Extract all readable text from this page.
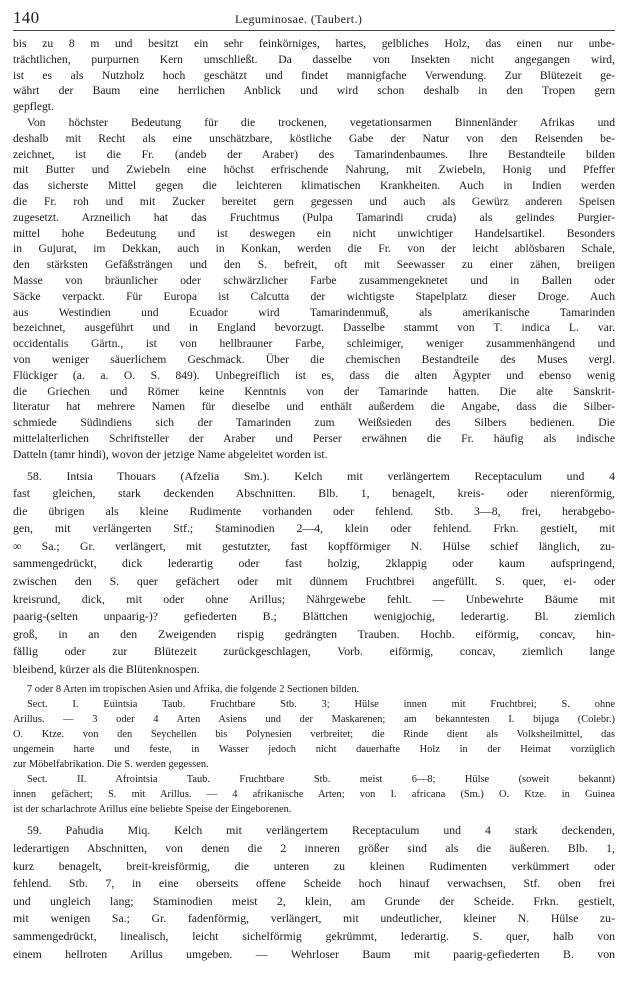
140	Leguminosae. (Taubert.)
bis zu 8 m und besitzt ein sehr feinkörniges, hartes, gelbliches Holz, das einen nur unbe-
trächtlichen, purpurnen Kern umschließt. Da dasselbe von Insekten nicht angegangen wird,
ist es als Nutzholz hoch geschätzt und findet mannigfache Verwendung. Zur Blütezeit ge-
währt der Baum eine herrlichen Anblick und wird schon deshalb in den Tropen gern
gepflegt.
Von höchster Bedeutung für die trockenen, vegetationsarmen Binnenländer Afrikas und
deshalb mit Recht als eine unschätzbare, köstliche Gabe der Natur von den Reisenden be-
zeichnet, ist die Fr. (andeb der Araber) des Tamarindenbaumes. Ihre Bestandteile bilden
mit Butter und Zwiebeln eine höchst erfrischende Nahrung, mit Zwiebeln, Honig und Pfeffer
das sicherste Mittel gegen die leichteren klimatischen Krankheiten. Auch in Indien werden
die Fr. roh und mit Zucker bereitet gern gegessen und auch als Gewürz anderen Speisen
zugesetzt. Arzneilich hat das Fruchtmus (Pulpa Tamarindi cruda) als gelindes Purgier-
mittel hohe Bedeutung und ist deswegen ein nicht unwichtiger Handelsartikel. Besonders
in Gujurat, im Dekkan, auch in Konkan, werden die Fr. von der leicht ablösbaren Schale,
den stärksten Gefäßsträngen und den S. befreit, oft mit Seewasser zu einer zähen, breiigen
Masse von bräunlicher oder schwärzlicher Farbe zusammengeknetet und in Ballen oder
Säcke verpackt. Für Europa ist Calcutta der wichtigste Stapelplatz dieser Droge. Auch
aus Westindien und Ecuador wird Tamarindenmuß, als amerikanische Tamarinden
bezeichnet, ausgeführt und in England bevorzugt. Dasselbe stammt von T. indica L. var.
occidentalis Gärtn., ist von hellbrauner Farbe, schleimiger, weniger zusammenhängend und
von weniger säuerlichem Geschmack. Über die chemischen Bestandteile des Muses vergl.
Flückiger (a. a. O. S. 849). Unbegreiflich ist es, dass die alten Ägypter und ebenso wenig
die Griechen und Römer keine Kenntnis von der Tamarinde hatten. Die alte Sanskrit-
literatur hat mehrere Namen für dieselbe und enthält außerdem die Angabe, dass die Silber-
schmiede Südindiens sich der Tamarinden zum Weißsieden des Silbers bedienen. Die
mittelalterlichen Schriftsteller der Araber und Perser erwähnen die Fr. häufig als indische
Datteln (tamr hindi), wovon der jetzige Name abgeleitet worden ist.
58. Intsia Thouars (Afzelia Sm.). Kelch mit verlängertem Receptaculum und 4
fast gleichen, stark deckenden Abschnitten. Blb. 1, benagelt, kreis- oder nierenförmig,
die übrigen als kleine Rudimente vorhanden oder fehlend. Stb. 3—8, frei, herabgebo-
gen, mit verlängerten Stf.; Staminodien 2—4, klein oder fehlend. Frkn. gestielt, mit
∞ Sa.; Gr. verlängert, mit gestutzter, fast kopfförmiger N. Hülse schief länglich, zu-
sammengedrückt, dick lederartig oder fast holzig, 2klappig oder kaum aufspringend,
zwischen den S. quer gefächert oder mit dünnem Fruchtbrei angefüllt. S. quer, ei- oder
kreisrund, dick, mit oder ohne Arillus; Nährgewebe fehlt. — Unbewehrte Bäume mit
paarig-(selten unpaarig-)? gefiederten B.; Blättchen wenigjochig, lederartig. Bl. ziemlich
groß, in an den Zweigenden rispig gedrängten Trauben. Hochb. eiförmig, concav, hin-
fällig oder zur Blütezeit zurückgeschlagen, Vorb. eiförmig, concav, ziemlich lange
bleibend, kürzer als die Blütenknospen.
7 oder 8 Arten im tropischen Asien und Afrika, die folgende 2 Sectionen bilden.
Sect. I. Euintsia Taub. Fruchtbare Stb. 3; Hülse innen mit Fruchtbrei; S. ohne
Arillus. — 3 oder 4 Arten Asiens und der Maskarenen; am bekanntesten I. bijuga (Colebr.)
O. Ktze. von den Seychellen bis Polynesien verbreitet; die Rinde dient als Volksheilmittel, das
ungemein harte und feste, in Wasser jedoch nicht dauerhafte Holz in der Heimat vorzüglich
zur Möbelfabrikation. Die S. werden gegessen.
Sect. II. Afrointsia Taub. Fruchtbare Stb. meist 6—8; Hülse (soweit bekannt)
innen gefächert; S. mit Arillus. — 4 afrikanische Arten; von I. africana (Sm.) O. Ktze. in Guinea
ist der scharlachrote Arillus eine beliebte Speise der Eingeborenen.
59. Pahudia Miq. Kelch mit verlängertem Receptaculum und 4 stark deckenden,
lederartigen Abschnitten, von denen die 2 inneren größer sind als die äußeren. Blb. 1,
kurz benagelt, breit-kreisförmig, die unteren zu kleinen Rudimenten verkümmert oder
fehlend. Stb. 7, in eine oberseits offene Scheide hoch hinauf verwachsen, Stf. oben frei
und ungleich lang; Staminodien meist 2, klein, am Grunde der Scheide. Frkn. gestielt,
mit wenigen Sa.; Gr. fadenförmig, verlängert, mit undeutlicher, kleiner N. Hülse zu-
sammengedrückt, linealisch, leicht sichelförmig gekrümmt, lederartig. S. quer, halb von
einem hellroten Arillus umgeben. — Wehrloser Baum mit paarig-gefiederten B. von
